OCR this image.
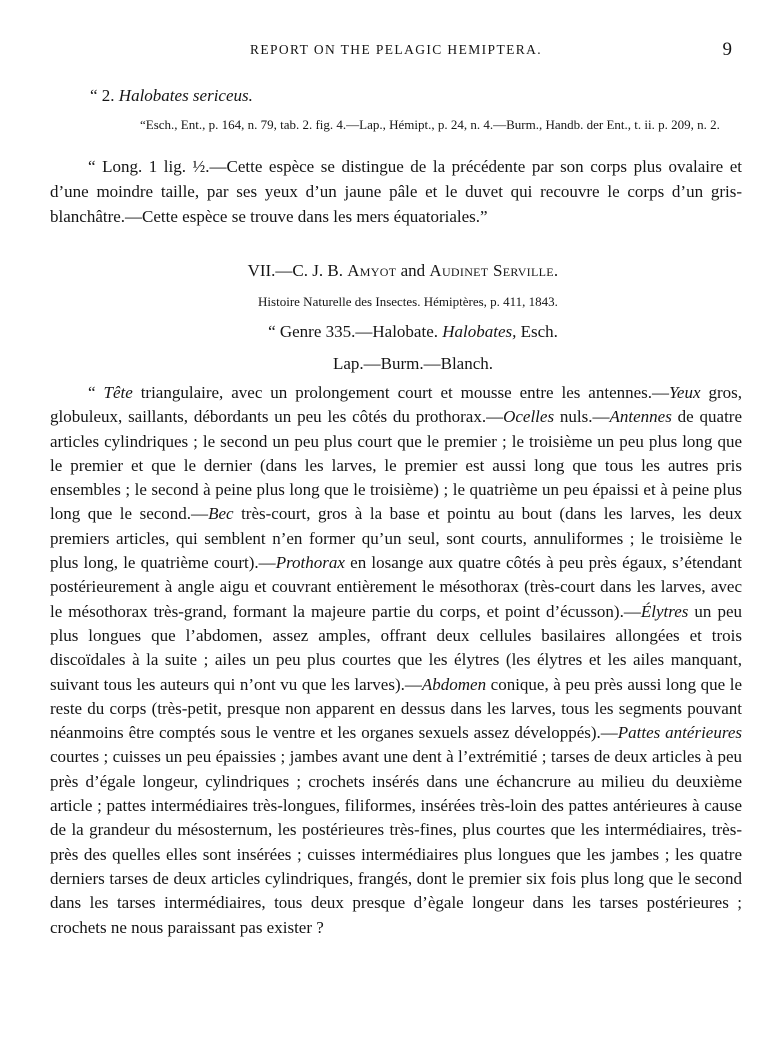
REPORT ON THE PELAGIC HEMIPTERA.	9
“ 2. Halobates sericeus.
“Esch., Ent., p. 164, n. 79, tab. 2. fig. 4.—Lap., Hémipt., p. 24, n. 4.—Burm., Handb. der Ent., t. ii. p. 209, n. 2.

“ Long. 1 lig. ½.—Cette espèce se distingue de la précédente par son corps plus ovalaire et d’une moindre taille, par ses yeux d’un jaune pâle et le duvet qui recouvre le corps d’un gris-blanchâtre.—Cette espèce se trouve dans les mers équatoriales.”

VII.—C. J. B. Amyot and Audinet Serville.
Histoire Naturelle des Insectes. Hémiptères, p. 411, 1843.
“ Genre 335.—Halobate. Halobates, Esch.
Lap.—Burm.—Blanch.

“ Tête triangulaire, avec un prolongement court et mousse entre les antennes.—Yeux gros, globuleux, saillants, débordants un peu les côtés du prothorax.—Ocelles nuls.—Antennes de quatre articles cylindriques ; le second un peu plus court que le premier ; le troisième un peu plus long que le premier et que le dernier (dans les larves, le premier est aussi long que tous les autres pris ensembles ; le second à peine plus long que le troisième) ; le quatrième un peu épaissi et à peine plus long que le second.—Bec très-court, gros à la base et pointu au bout (dans les larves, les deux premiers articles, qui semblent n’en former qu’un seul, sont courts, annuliformes ; le troisième le plus long, le quatrième court).—Prothorax en losange aux quatre côtés à peu près égaux, s’étendant postérieurement à angle aigu et couvrant entièrement le mésothorax (très-court dans les larves, avec le mésothorax très-grand, formant la majeure partie du corps, et point d’écusson).—Élytres un peu plus longues que l’abdomen, assez amples, offrant deux cellules basilaires allongées et trois discoïdales à la suite ; ailes un peu plus courtes que les élytres (les élytres et les ailes manquant, suivant tous les auteurs qui n’ont vu que les larves).—Abdomen conique, à peu près aussi long que le reste du corps (très-petit, presque non apparent en dessus dans les larves, tous les segments pouvant néanmoins être comptés sous le ventre et les organes sexuels assez développés).—Pattes antérieures courtes ; cuisses un peu épaissies ; jambes avant une dent à l’extrémitié ; tarses de deux articles à peu près d’égale longeur, cylindriques ; crochets insérés dans une échancrure au milieu du deuxième article ; pattes intermédiaires très-longues, filiformes, insérées très-loin des pattes antérieures à cause de la grandeur du mésosternum, les postérieures très-fines, plus courtes que les intermédiaires, très-près des quelles elles sont insérées ; cuisses intermédiaires plus longues que les jambes ; les quatre derniers tarses de deux articles cylindriques, frangés, dont le premier six fois plus long que le second dans les tarses intermédiaires, tous deux presque d’ègale longeur dans les tarses postérieures ; crochets ne nous paraissant pas exister ?
